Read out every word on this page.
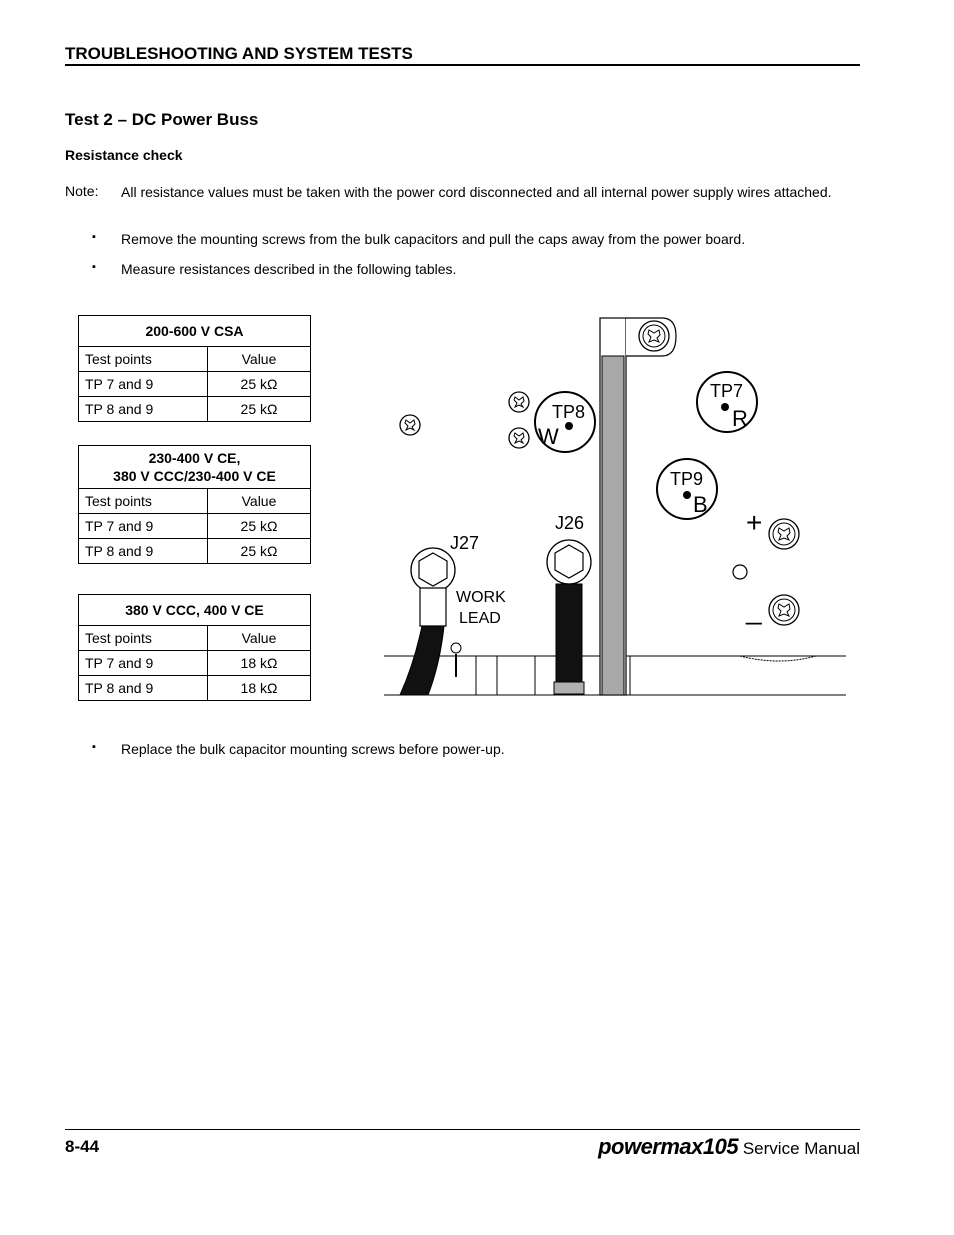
TROUBLESHOOTING AND SYSTEM TESTS
Test 2 – DC Power Buss
Resistance check
Note: All resistance values must be taken with the power cord disconnected and all internal power supply wires attached.
▪ Remove the mounting screws from the bulk capacitors and pull the caps away from the power board.
▪ Measure resistances described in the following tables.
200-600 V CSA	
Test points	Value
TP 7 and 9	25 kΩ
TP 8 and 9	25 kΩ
230-400 V CE,
380 V CCC/230-400 V CE	

Test points	Value
TP 7 and 9	25 kΩ
TP 8 and 9	25 kΩ
380 V CCC, 400 V CE	
Test points	Value
TP 7 and 9	18 kΩ
TP 8 and 9	18 kΩ
TP8
W
TP7
R
TP9
B
+
_
J26
J27
WORK
LEAD
▪ Replace the bulk capacitor mounting screws before power-up.
8-44	powermax105 Service Manual
